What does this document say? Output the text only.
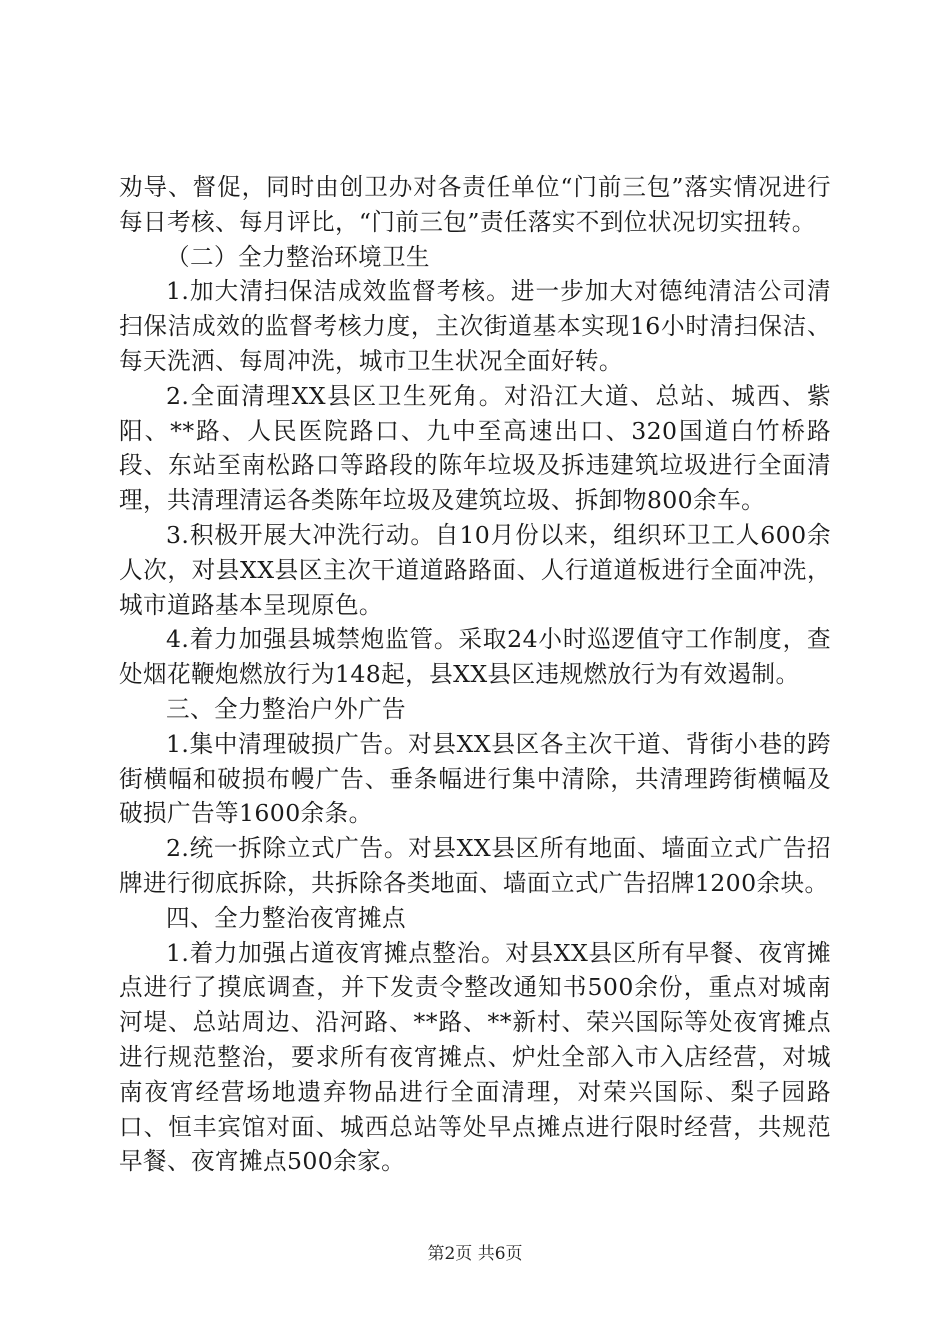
劝导、督促，同时由创卫办对各责任单位“门前三包”落实情况进行每日考核、每月评比，“门前三包”责任落实不到位状况切实扭转。

（二）全力整治环境卫生

1.加大清扫保洁成效监督考核。进一步加大对德纯清洁公司清扫保洁成效的监督考核力度，主次街道基本实现16小时清扫保洁、每天洗洒、每周冲洗，城市卫生状况全面好转。

2.全面清理XX县区卫生死角。对沿江大道、总站、城西、紫阳、**路、人民医院路口、九中至高速出口、320国道白竹桥路段、东站至南松路口等路段的陈年垃圾及拆违建筑垃圾进行全面清理，共清理清运各类陈年垃圾及建筑垃圾、拆卸物800余车。

3.积极开展大冲洗行动。自10月份以来，组织环卫工人600余人次，对县XX县区主次干道道路路面、人行道道板进行全面冲洗，城市道路基本呈现原色。

4.着力加强县城禁炮监管。采取24小时巡逻值守工作制度，查处烟花鞭炮燃放行为148起，县XX县区违规燃放行为有效遏制。

三、全力整治户外广告

1.集中清理破损广告。对县XX县区各主次干道、背街小巷的跨街横幅和破损布幔广告、垂条幅进行集中清除，共清理跨街横幅及破损广告等1600余条。

2.统一拆除立式广告。对县XX县区所有地面、墙面立式广告招牌进行彻底拆除，共拆除各类地面、墙面立式广告招牌1200余块。

四、全力整治夜宵摊点

1.着力加强占道夜宵摊点整治。对县XX县区所有早餐、夜宵摊点进行了摸底调查，并下发责令整改通知书500余份，重点对城南河堤、总站周边、沿河路、**路、**新村、荣兴国际等处夜宵摊点进行规范整治，要求所有夜宵摊点、炉灶全部入市入店经营，对城南夜宵经营场地遗弃物品进行全面清理，对荣兴国际、梨子园路口、恒丰宾馆对面、城西总站等处早点摊点进行限时经营，共规范早餐、夜宵摊点500余家。

第2页 共6页
